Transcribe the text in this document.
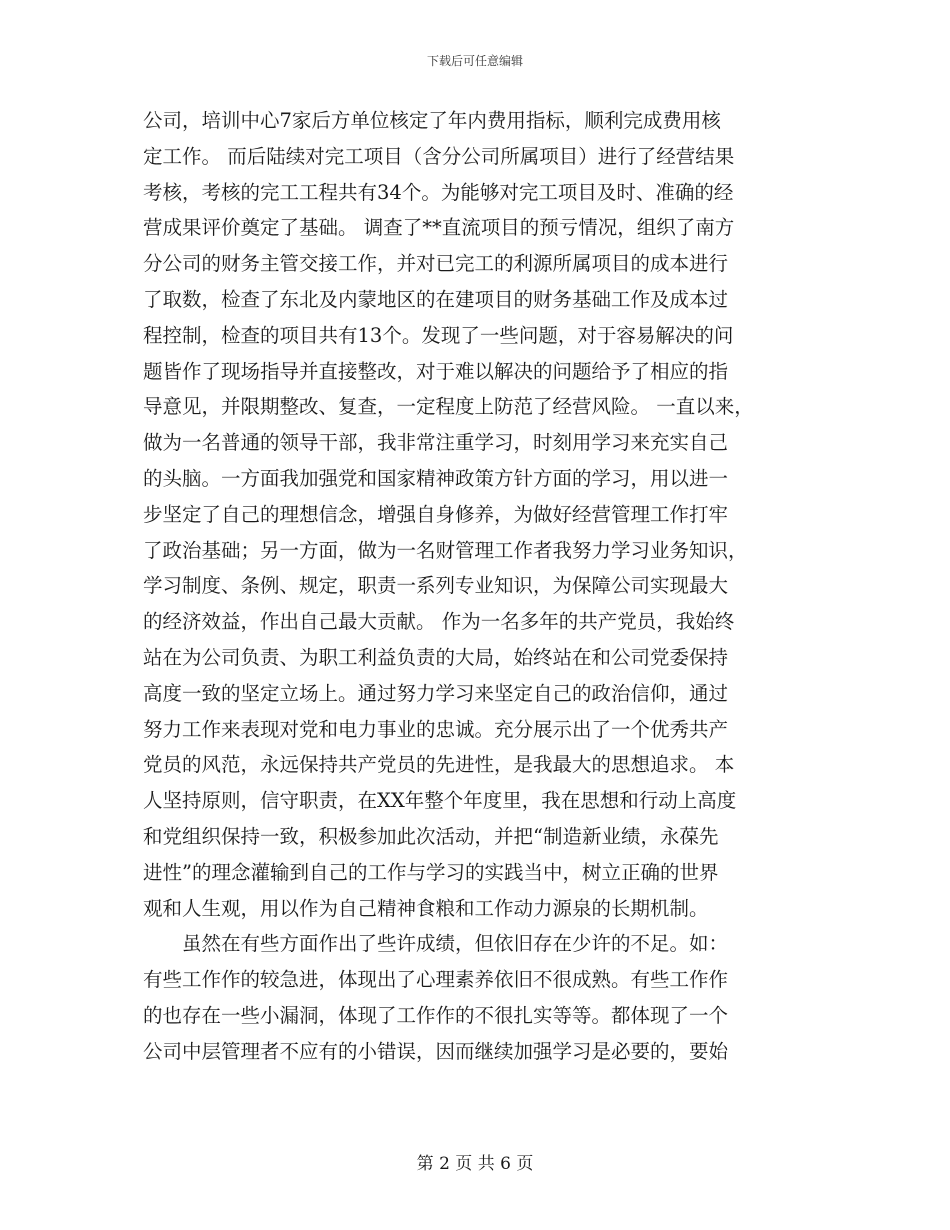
下载后可任意编辑
公司，培训中心7家后方单位核定了年内费用指标，顺利完成费用核
定工作。 而后陆续对完工项目（含分公司所属项目）进行了经营结果
考核，考核的完工工程共有34个。为能够对完工项目及时、准确的经
营成果评价奠定了基础。 调查了**直流项目的预亏情况，组织了南方
分公司的财务主管交接工作，并对已完工的利源所属项目的成本进行
了取数，检查了东北及内蒙地区的在建项目的财务基础工作及成本过
程控制，检查的项目共有13个。发现了一些问题，对于容易解决的问
题皆作了现场指导并直接整改，对于难以解决的问题给予了相应的指
导意见，并限期整改、复查，一定程度上防范了经营风险。 一直以来，
做为一名普通的领导干部，我非常注重学习，时刻用学习来充实自己
的头脑。一方面我加强党和国家精神政策方针方面的学习，用以进一
步坚定了自己的理想信念，增强自身修养，为做好经营管理工作打牢
了政治基础；另一方面，做为一名财管理工作者我努力学习业务知识，
学习制度、条例、规定，职责一系列专业知识，为保障公司实现最大
的经济效益，作出自己最大贡献。 作为一名多年的共产党员，我始终
站在为公司负责、为职工利益负责的大局，始终站在和公司党委保持
高度一致的坚定立场上。通过努力学习来坚定自己的政治信仰，通过
努力工作来表现对党和电力事业的忠诚。充分展示出了一个优秀共产
党员的风范，永远保持共产党员的先进性，是我最大的思想追求。 本
人坚持原则，信守职责，在XX年整个年度里，我在思想和行动上高度
和党组织保持一致，积极参加此次活动，并把“制造新业绩，永葆先
进性”的理念灌输到自己的工作与学习的实践当中，树立正确的世界
观和人生观，用以作为自己精神食粮和工作动力源泉的长期机制。
虽然在有些方面作出了些许成绩，但依旧存在少许的不足。如：
有些工作作的较急进，体现出了心理素养依旧不很成熟。有些工作作
的也存在一些小漏洞，体现了工作作的不很扎实等等。都体现了一个
公司中层管理者不应有的小错误，因而继续加强学习是必要的，要始
第 2 页 共 6 页
